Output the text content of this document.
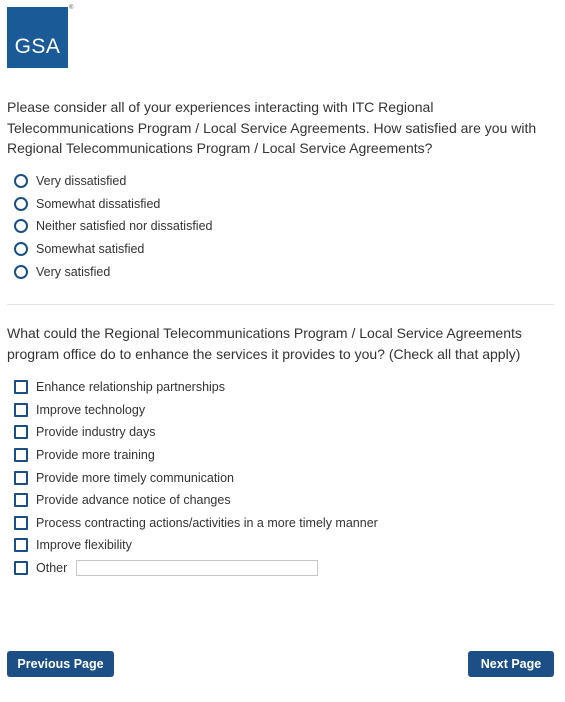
GSA
®
Please consider all of your experiences interacting with ITC Regional Telecommunications Program / Local Service Agreements. How satisfied are you with Regional Telecommunications Program / Local Service Agreements?
Very dissatisfied
Somewhat dissatisfied
Neither satisfied nor dissatisfied
Somewhat satisfied
Very satisfied
What could the Regional Telecommunications Program / Local Service Agreements program office do to enhance the services it provides to you? (Check all that apply)
Enhance relationship partnerships
Improve technology
Provide industry days
Provide more training
Provide more timely communication
Provide advance notice of changes
Process contracting actions/activities in a more timely manner
Improve flexibility
Other
Previous Page	Next Page
